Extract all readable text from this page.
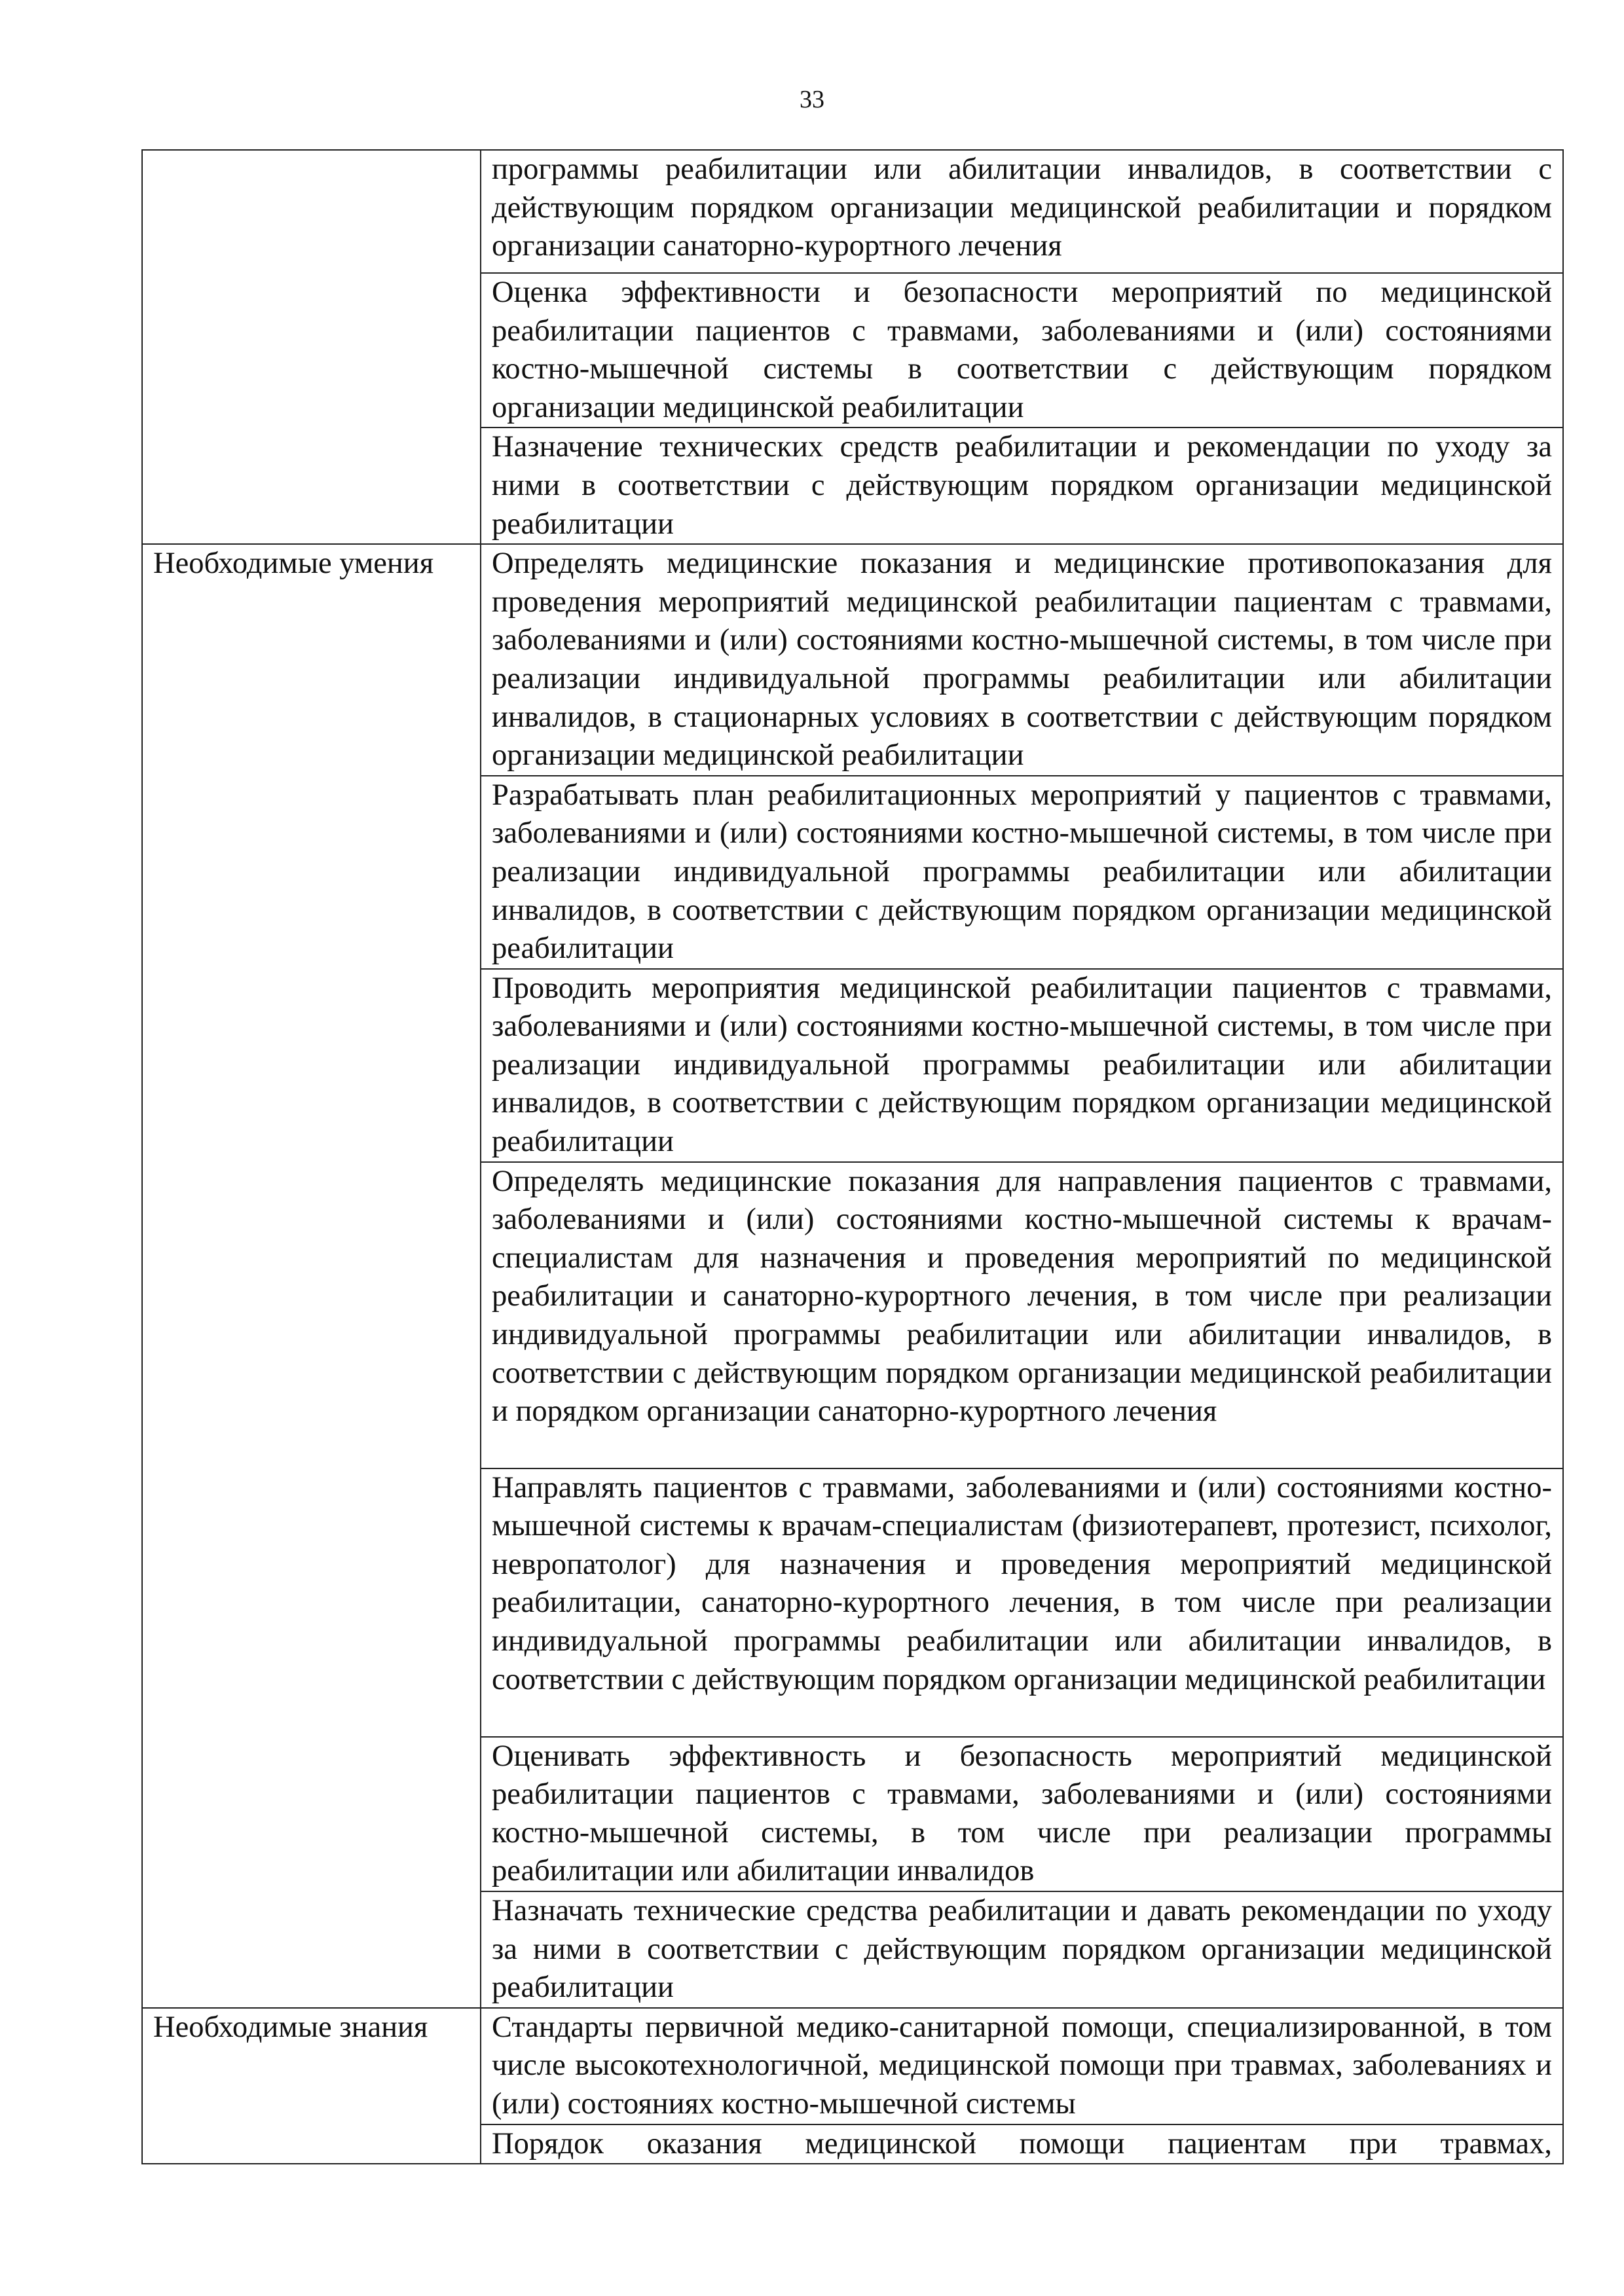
33
	программы реабилитации или абилитации инвалидов, в соответствии с действующим порядком организации медицинской реабилитации и порядком организации санаторно-курортного лечения
	Оценка эффективности и безопасности мероприятий по медицинской реабилитации пациентов с травмами, заболеваниями и (или) состояниями костно-мышечной системы в соответствии с действующим порядком организации медицинской реабилитации
	Назначение технических средств реабилитации и рекомендации по уходу за ними в соответствии с действующим порядком организации медицинской реабилитации
Необходимые умения	Определять медицинские показания и медицинские противопоказания для проведения мероприятий медицинской реабилитации пациентам с травмами, заболеваниями и (или) состояниями костно-мышечной системы, в том числе при реализации индивидуальной программы реабилитации или абилитации инвалидов, в стационарных условиях в соответствии с действующим порядком организации медицинской реабилитации
	Разрабатывать план реабилитационных мероприятий у пациентов с травмами, заболеваниями и (или) состояниями костно-мышечной системы, в том числе при реализации индивидуальной программы реабилитации или абилитации инвалидов, в соответствии с действующим порядком организации медицинской реабилитации
	Проводить мероприятия медицинской реабилитации пациентов с травмами, заболеваниями и (или) состояниями костно-мышечной системы, в том числе при реализации индивидуальной программы реабилитации или абилитации инвалидов, в соответствии с действующим порядком организации медицинской реабилитации
	Определять медицинские показания для направления пациентов с травмами, заболеваниями и (или) состояниями костно-мышечной системы к врачам-специалистам для назначения и проведения мероприятий по медицинской реабилитации и санаторно-курортного лечения, в том числе при реализации индивидуальной программы реабилитации или абилитации инвалидов, в соответствии с действующим порядком организации медицинской реабилитации и порядком организации санаторно-курортного лечения
	Направлять пациентов с травмами, заболеваниями и (или) состояниями костно-мышечной системы к врачам-специалистам (физиотерапевт, протезист, психолог, невропатолог) для назначения и проведения мероприятий медицинской реабилитации, санаторно-курортного лечения, в том числе при реализации индивидуальной программы реабилитации или абилитации инвалидов, в соответствии с действующим порядком организации медицинской реабилитации
	Оценивать эффективность и безопасность мероприятий медицинской реабилитации пациентов с травмами, заболеваниями и (или) состояниями костно-мышечной системы, в том числе при реализации программы реабилитации или абилитации инвалидов
	Назначать технические средства реабилитации и давать рекомендации по уходу за ними в соответствии с действующим порядком организации медицинской реабилитации
Необходимые знания	Стандарты первичной медико-санитарной помощи, специализированной, в том числе высокотехнологичной, медицинской помощи при травмах, заболеваниях и (или) состояниях костно-мышечной системы
	Порядок оказания медицинской помощи пациентам при травмах,
